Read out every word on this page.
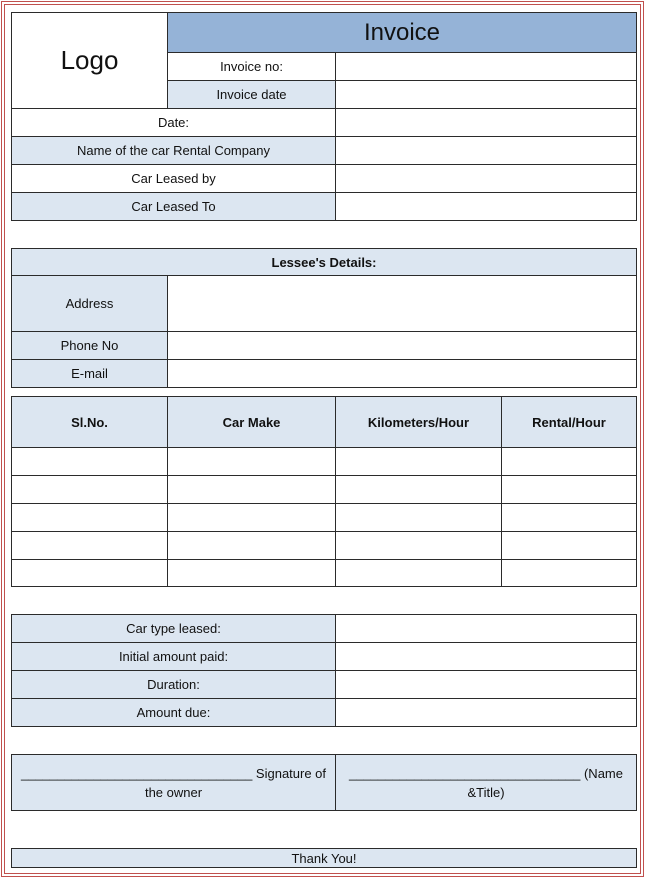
Logo
Invoice
Invoice no:
Invoice date
Date:
Name of the car Rental Company
Car Leased by
Car Leased To
Lessee's Details:
Address
Phone No
E-mail
Sl.No.	Car Make	Kilometers/Hour	Rental/Hour
Car type leased:
Initial amount paid:
Duration:
Amount due:
________________________________ Signature of the owner
________________________________ (Name &Title)
Thank You!
